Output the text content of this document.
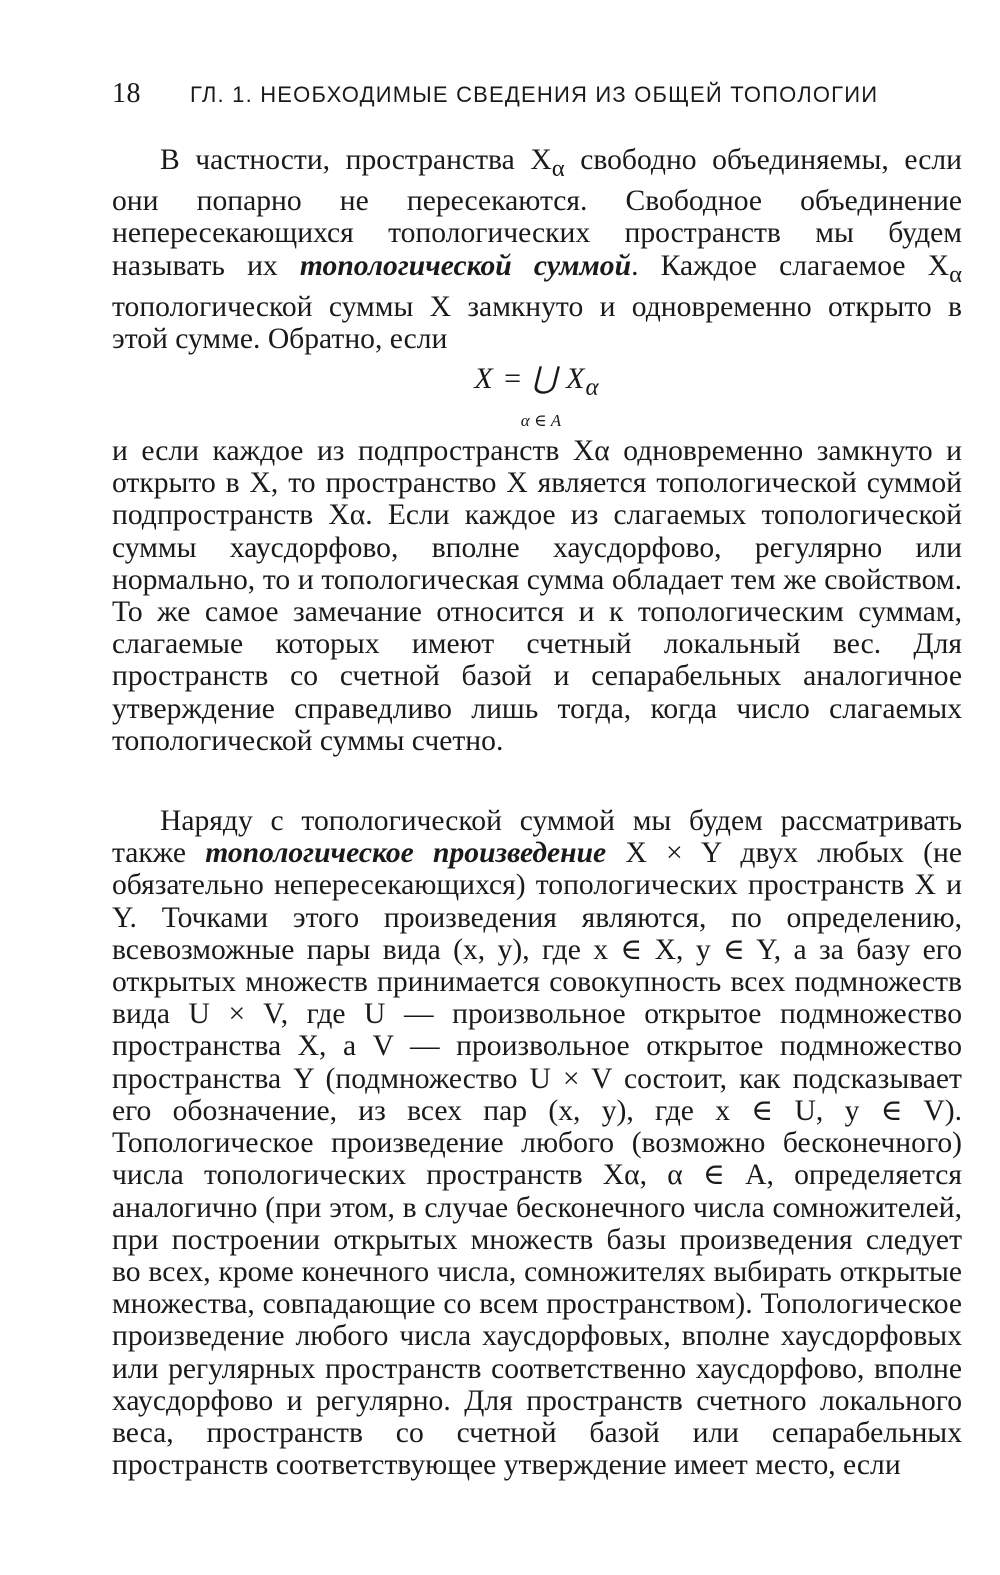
18	ГЛ. 1. НЕОБХОДИМЫЕ СВЕДЕНИЯ ИЗ ОБЩЕЙ ТОПОЛОГИИ

В частности, пространства $X_\alpha$ свободно объединяемы, если они попарно не пересекаются. Свободное объединение непересекающихся топологических пространств мы будем называть их топологической суммой. Каждое слагаемое $X_\alpha$ топологической суммы X замкнуто и одновременно открыто в этой сумме. Обратно, если

X = ⋃ $X_\alpha$
α ∈ A

и если каждое из подпространств Xα одновременно замкнуто и открыто в X, то пространство X является топологической суммой подпространств Xα. Если каждое из слагаемых топологической суммы хаусдорфово, вполне хаусдорфово, регулярно или нормально, то и топологическая сумма обладает тем же свойством. То же самое замечание относится и к топологическим суммам, слагаемые которых имеют счетный локальный вес. Для пространств со счетной базой и сепарабельных аналогичное утверждение справедливо лишь тогда, когда число слагаемых топологической суммы счетно.

Наряду с топологической суммой мы будем рассматривать также топологическое произведение X × Y двух любых (не обязательно непересекающихся) топологических пространств X и Y. Точками этого произведения являются, по определению, всевозможные пары вида (x, y), где x ∈ X, y ∈ Y, а за базу его открытых множеств принимается совокупность всех подмножеств вида U × V, где U — произвольное открытое подмножество пространства X, а V — произвольное открытое подмножество пространства Y (подмножество U × V состоит, как подсказывает его обозначение, из всех пар (x, y), где x ∈ U, y ∈ V). Топологическое произведение любого (возможно бесконечного) числа топологических пространств Xα, α ∈ A, определяется аналогично (при этом, в случае бесконечного числа сомножителей, при построении открытых множеств базы произведения следует во всех, кроме конечного числа, сомножителях выбирать открытые множества, совпадающие со всем пространством). Топологическое произведение любого числа хаусдорфовых, вполне хаусдорфовых или регулярных пространств соответственно хаусдорфово, вполне хаусдорфово и регулярно. Для пространств счетного локального веса, пространств со счетной базой или сепарабельных пространств соответствующее утверждение имеет место, если
